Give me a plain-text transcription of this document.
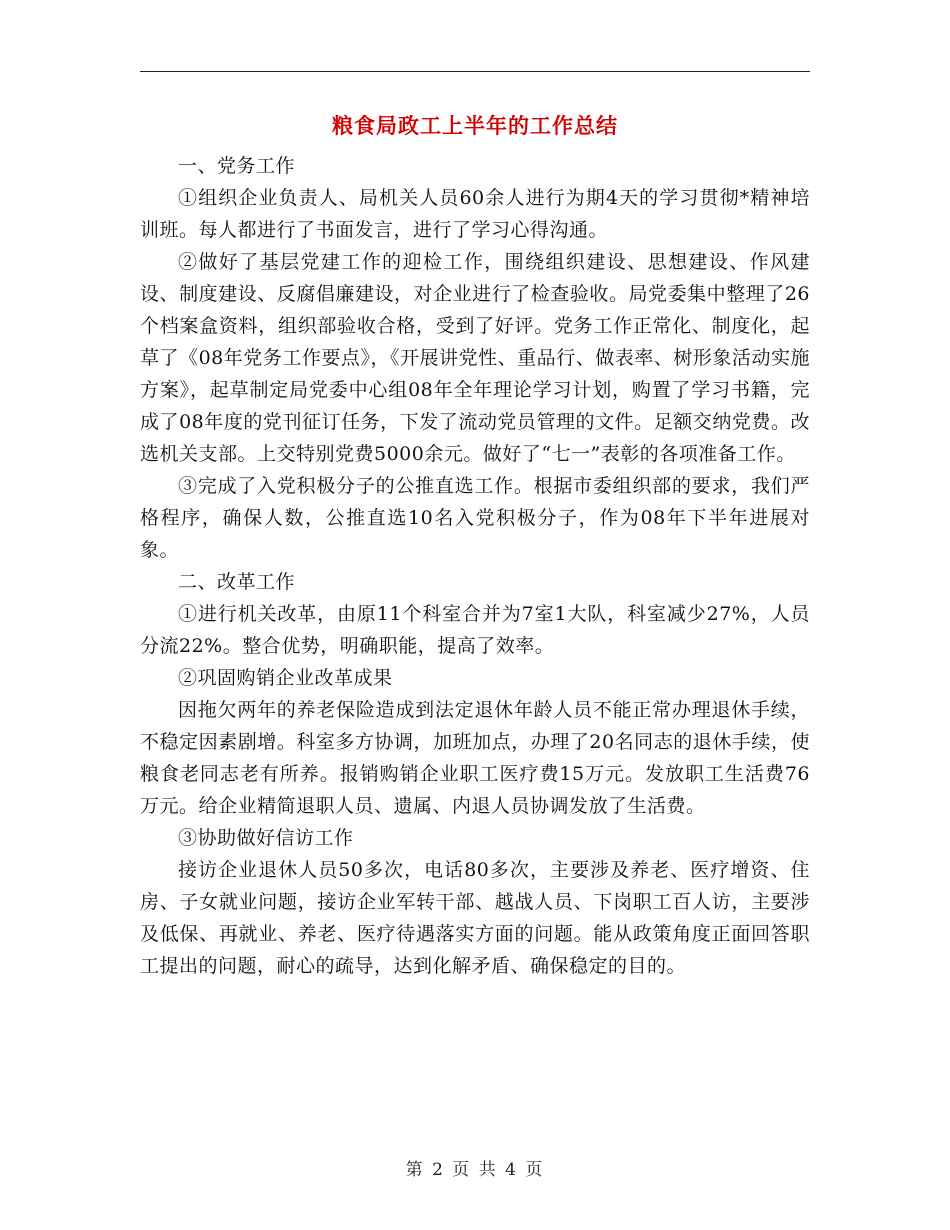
粮食局政工上半年的工作总结

一、党务工作

①组织企业负责人、局机关人员60余人进行为期4天的学习贯彻*精神培训班。每人都进行了书面发言，进行了学习心得沟通。

②做好了基层党建工作的迎检工作，围绕组织建设、思想建设、作风建设、制度建设、反腐倡廉建设，对企业进行了检查验收。局党委集中整理了26个档案盒资料，组织部验收合格，受到了好评。党务工作正常化、制度化，起草了《08年党务工作要点》，《开展讲党性、重品行、做表率、树形象活动实施方案》，起草制定局党委中心组08年全年理论学习计划，购置了学习书籍，完成了08年度的党刊征订任务，下发了流动党员管理的文件。足额交纳党费。改选机关支部。上交特别党费5000余元。做好了“七一”表彰的各项准备工作。

③完成了入党积极分子的公推直选工作。根据市委组织部的要求，我们严格程序，确保人数，公推直选10名入党积极分子，作为08年下半年进展对象。

二、改革工作

①进行机关改革，由原11个科室合并为7室1大队，科室减少27%，人员分流22%。整合优势，明确职能，提高了效率。

②巩固购销企业改革成果

因拖欠两年的养老保险造成到法定退休年龄人员不能正常办理退休手续，不稳定因素剧增。科室多方协调，加班加点，办理了20名同志的退休手续，使粮食老同志老有所养。报销购销企业职工医疗费15万元。发放职工生活费76万元。给企业精简退职人员、遗属、内退人员协调发放了生活费。

③协助做好信访工作

接访企业退休人员50多次，电话80多次，主要涉及养老、医疗增资、住房、子女就业问题，接访企业军转干部、越战人员、下岗职工百人访，主要涉及低保、再就业、养老、医疗待遇落实方面的问题。能从政策角度正面回答职工提出的问题，耐心的疏导，达到化解矛盾、确保稳定的目的。

第 2 页 共 4 页
